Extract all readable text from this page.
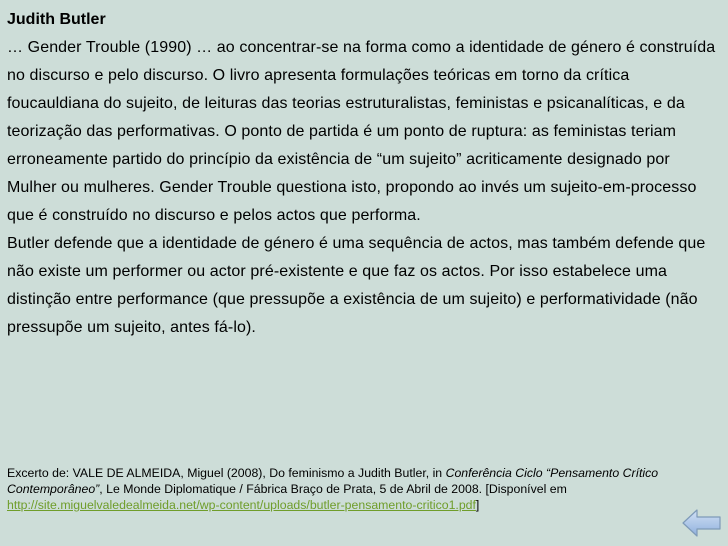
Judith Butler

… Gender Trouble (1990) … ao concentrar-se na forma como a identidade de género é construída no discurso e pelo discurso. O livro apresenta formulações teóricas em torno da crítica foucauldiana do sujeito, de leituras das teorias estruturalistas, feministas e psicanalíticas, e da teorização das performativas. O ponto de partida é um ponto de ruptura: as feministas teriam erroneamente partido do princípio da existência de “um sujeito” acriticamente designado por Mulher ou mulheres. Gender Trouble questiona isto, propondo ao invés um sujeito-em-processo que é construído no discurso e pelos actos que performa.

Butler defende que a identidade de género é uma sequência de actos, mas também defende que não existe um performer ou actor pré-existente e que faz os actos. Por isso estabelece uma distinção entre performance (que pressupõe a existência de um sujeito) e performatividade (não pressupõe um sujeito, antes fá-lo).

Excerto de: VALE DE ALMEIDA, Miguel (2008), Do feminismo a Judith Butler, in Conferência Ciclo “Pensamento Crítico Contemporâneo”, Le Monde Diplomatique / Fábrica Braço de Prata, 5 de Abril de 2008. [Disponível em http://site.miguelvaledealmeida.net/wp-content/uploads/butler-pensamento-critico1.pdf]
